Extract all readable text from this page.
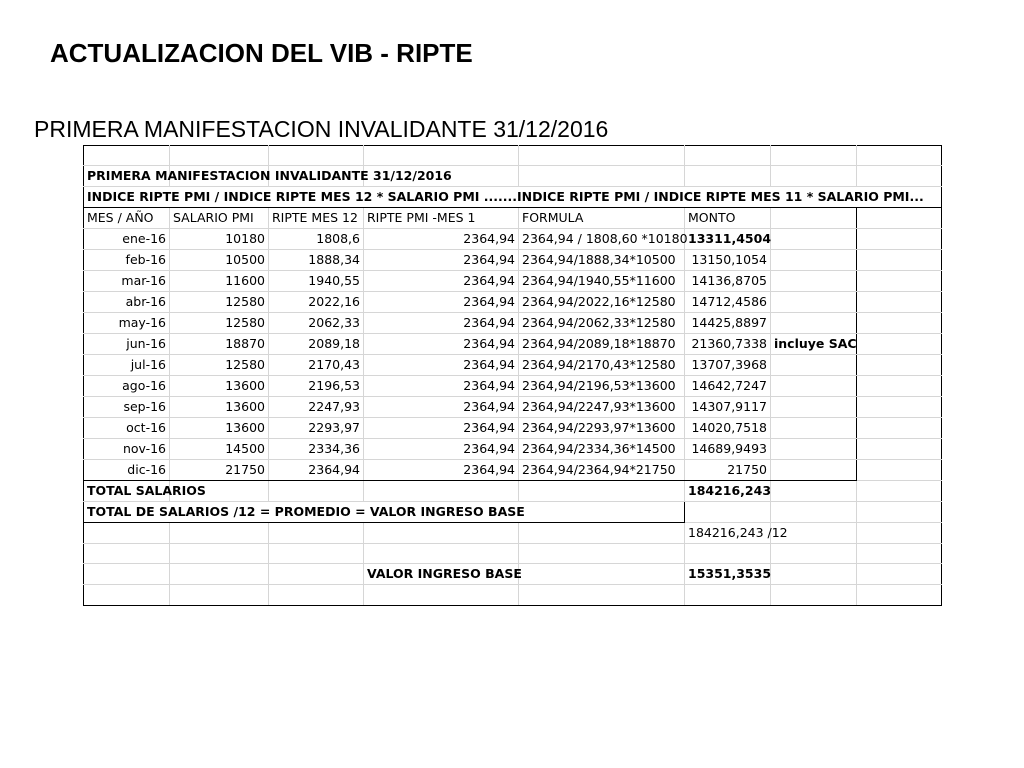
ACTUALIZACION DEL VIB - RIPTE
PRIMERA MANIFESTACION INVALIDANTE 31/12/2016

PRIMERA MANIFESTACION INVALIDANTE 31/12/2016							
INDICE RIPTE PMI / INDICE RIPTE MES 12 * SALARIO PMI .......INDICE RIPTE PMI / INDICE RIPTE MES 11 * SALARIO PMI...							
MES / AÑO	SALARIO PMI	RIPTE MES 12	RIPTE PMI -MES 1	FORMULA	MONTO		
ene-16	10180	1808,6	2364,94	2364,94 / 1808,60 *10180	13311,4504		
feb-16	10500	1888,34	2364,94	2364,94/1888,34*10500	13150,1054		
mar-16	11600	1940,55	2364,94	2364,94/1940,55*11600	14136,8705		
abr-16	12580	2022,16	2364,94	2364,94/2022,16*12580	14712,4586		
may-16	12580	2062,33	2364,94	2364,94/2062,33*12580	14425,8897		
jun-16	18870	2089,18	2364,94	2364,94/2089,18*18870	21360,7338	incluye SAC	
jul-16	12580	2170,43	2364,94	2364,94/2170,43*12580	13707,3968		
ago-16	13600	2196,53	2364,94	2364,94/2196,53*13600	14642,7247		
sep-16	13600	2247,93	2364,94	2364,94/2247,93*13600	14307,9117		
oct-16	13600	2293,97	2364,94	2364,94/2293,97*13600	14020,7518		
nov-16	14500	2334,36	2364,94	2364,94/2334,36*14500	14689,9493		
dic-16	21750	2364,94	2364,94	2364,94/2364,94*21750	21750		
TOTAL SALARIOS					184216,243		
TOTAL DE SALARIOS /12 = PROMEDIO = VALOR INGRESO BASE							
					184216,243 /12		

			VALOR INGRESO BASE		15351,3535		
